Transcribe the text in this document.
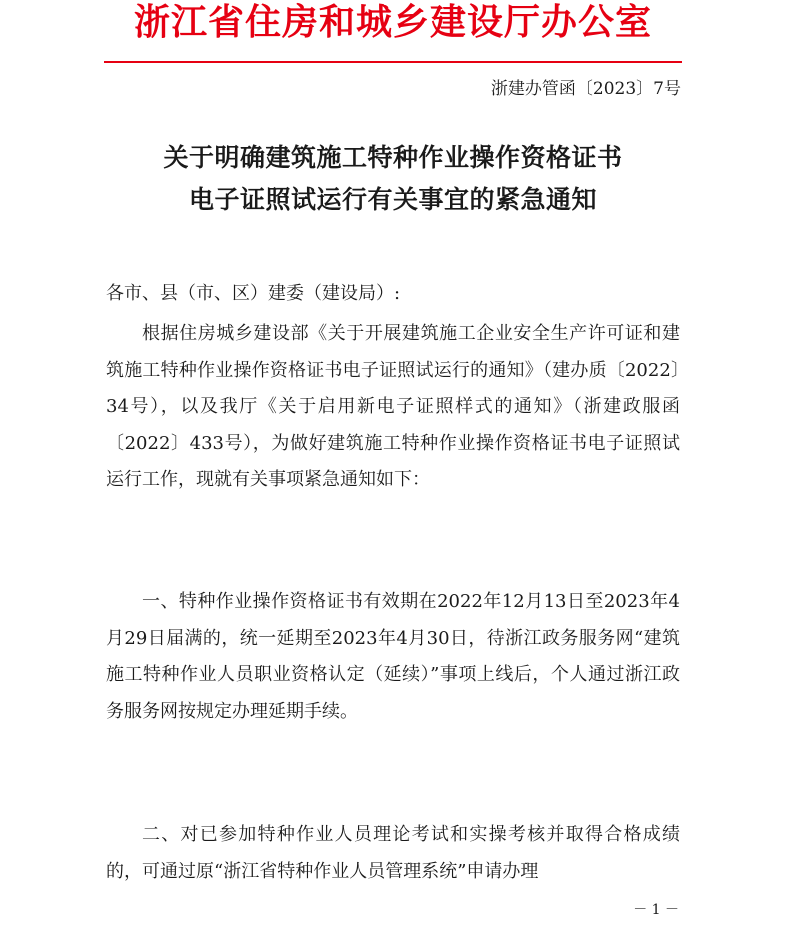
浙江省住房和城乡建设厅办公室
浙建办管函〔2023〕7号
关于明确建筑施工特种作业操作资格证书
电子证照试运行有关事宜的紧急通知
各市、县（市、区）建委（建设局）:
根据住房城乡建设部《关于开展建筑施工企业安全生产许可证和建筑施工特种作业操作资格证书电子证照试运行的通知》（建办质〔2022〕34号），以及我厅《关于启用新电子证照样式的通知》（浙建政服函〔2022〕433号），为做好建筑施工特种作业操作资格证书电子证照试运行工作，现就有关事项紧急通知如下：
一、特种作业操作资格证书有效期在2022年12月13日至2023年4月29日届满的，统一延期至2023年4月30日，待浙江政务服务网“建筑施工特种作业人员职业资格认定（延续）”事项上线后，个人通过浙江政务服务网按规定办理延期手续。
二、对已参加特种作业人员理论考试和实操考核并取得合格成绩的，可通过原“浙江省特种作业人员管理系统”申请办理
－ 1 －
